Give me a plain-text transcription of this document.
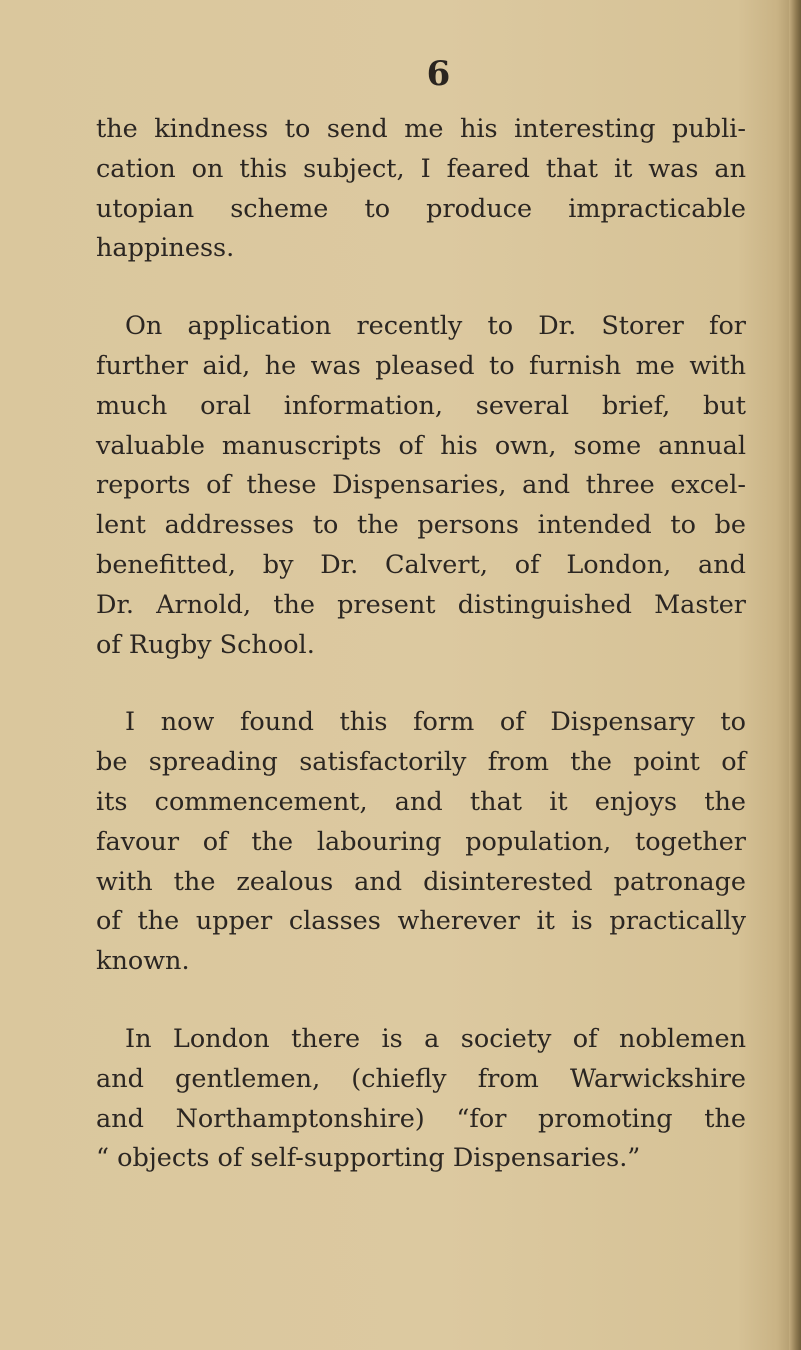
6

the kindness to send me his interesting publi-
cation on this subject, I feared that it was an
utopian scheme to produce impracticable
happiness.

On application recently to Dr. Storer for
further aid, he was pleased to furnish me with
much oral information, several brief, but
valuable manuscripts of his own, some annual
reports of these Dispensaries, and three excel-
lent addresses to the persons intended to be
benefitted, by Dr. Calvert, of London, and
Dr. Arnold, the present distinguished Master
of Rugby School.

I now found this form of Dispensary to
be spreading satisfactorily from the point of
its commencement, and that it enjoys the
favour of the labouring population, together
with the zealous and disinterested patronage
of the upper classes wherever it is practically
known.

In London there is a society of noblemen
and gentlemen, (chiefly from Warwickshire
and Northamptonshire) “for promoting the
“ objects of self-supporting Dispensaries.”
